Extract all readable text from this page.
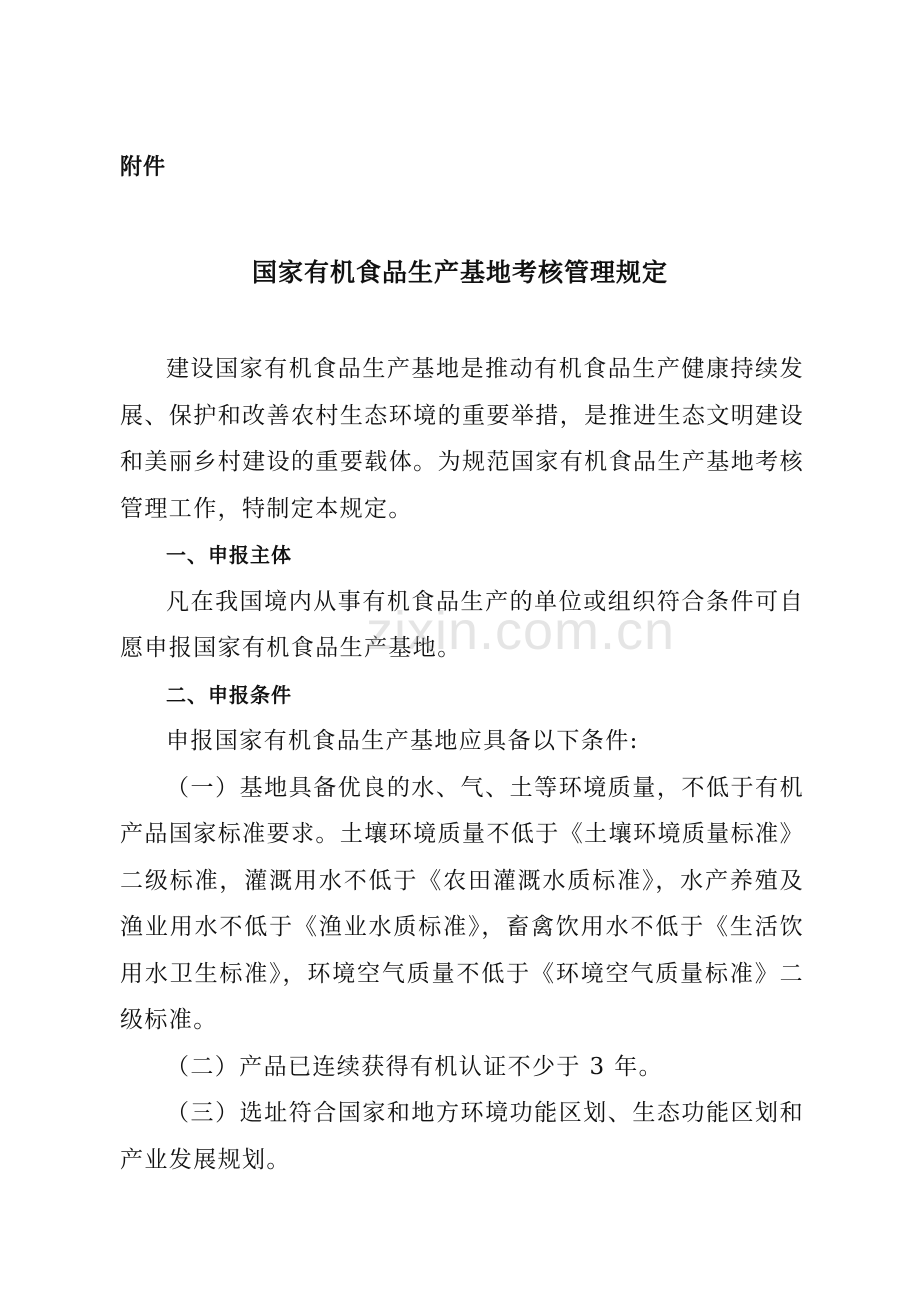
附件
国家有机食品生产基地考核管理规定

建设国家有机食品生产基地是推动有机食品生产健康持续发展、保护和改善农村生态环境的重要举措，是推进生态文明建设和美丽乡村建设的重要载体。为规范国家有机食品生产基地考核管理工作，特制定本规定。

一、申报主体

凡在我国境内从事有机食品生产的单位或组织符合条件可自愿申报国家有机食品生产基地。

二、申报条件

申报国家有机食品生产基地应具备以下条件:

（一）基地具备优良的水、气、土等环境质量，不低于有机产品国家标准要求。土壤环境质量不低于《土壤环境质量标准》二级标准，灌溉用水不低于《农田灌溉水质标准》，水产养殖及渔业用水不低于《渔业水质标准》，畜禽饮用水不低于《生活饮用水卫生标准》，环境空气质量不低于《环境空气质量标准》二级标准。

（二）产品已连续获得有机认证不少于 3 年。

（三）选址符合国家和地方环境功能区划、生态功能区划和产业发展规划。

zixin.com.cn
